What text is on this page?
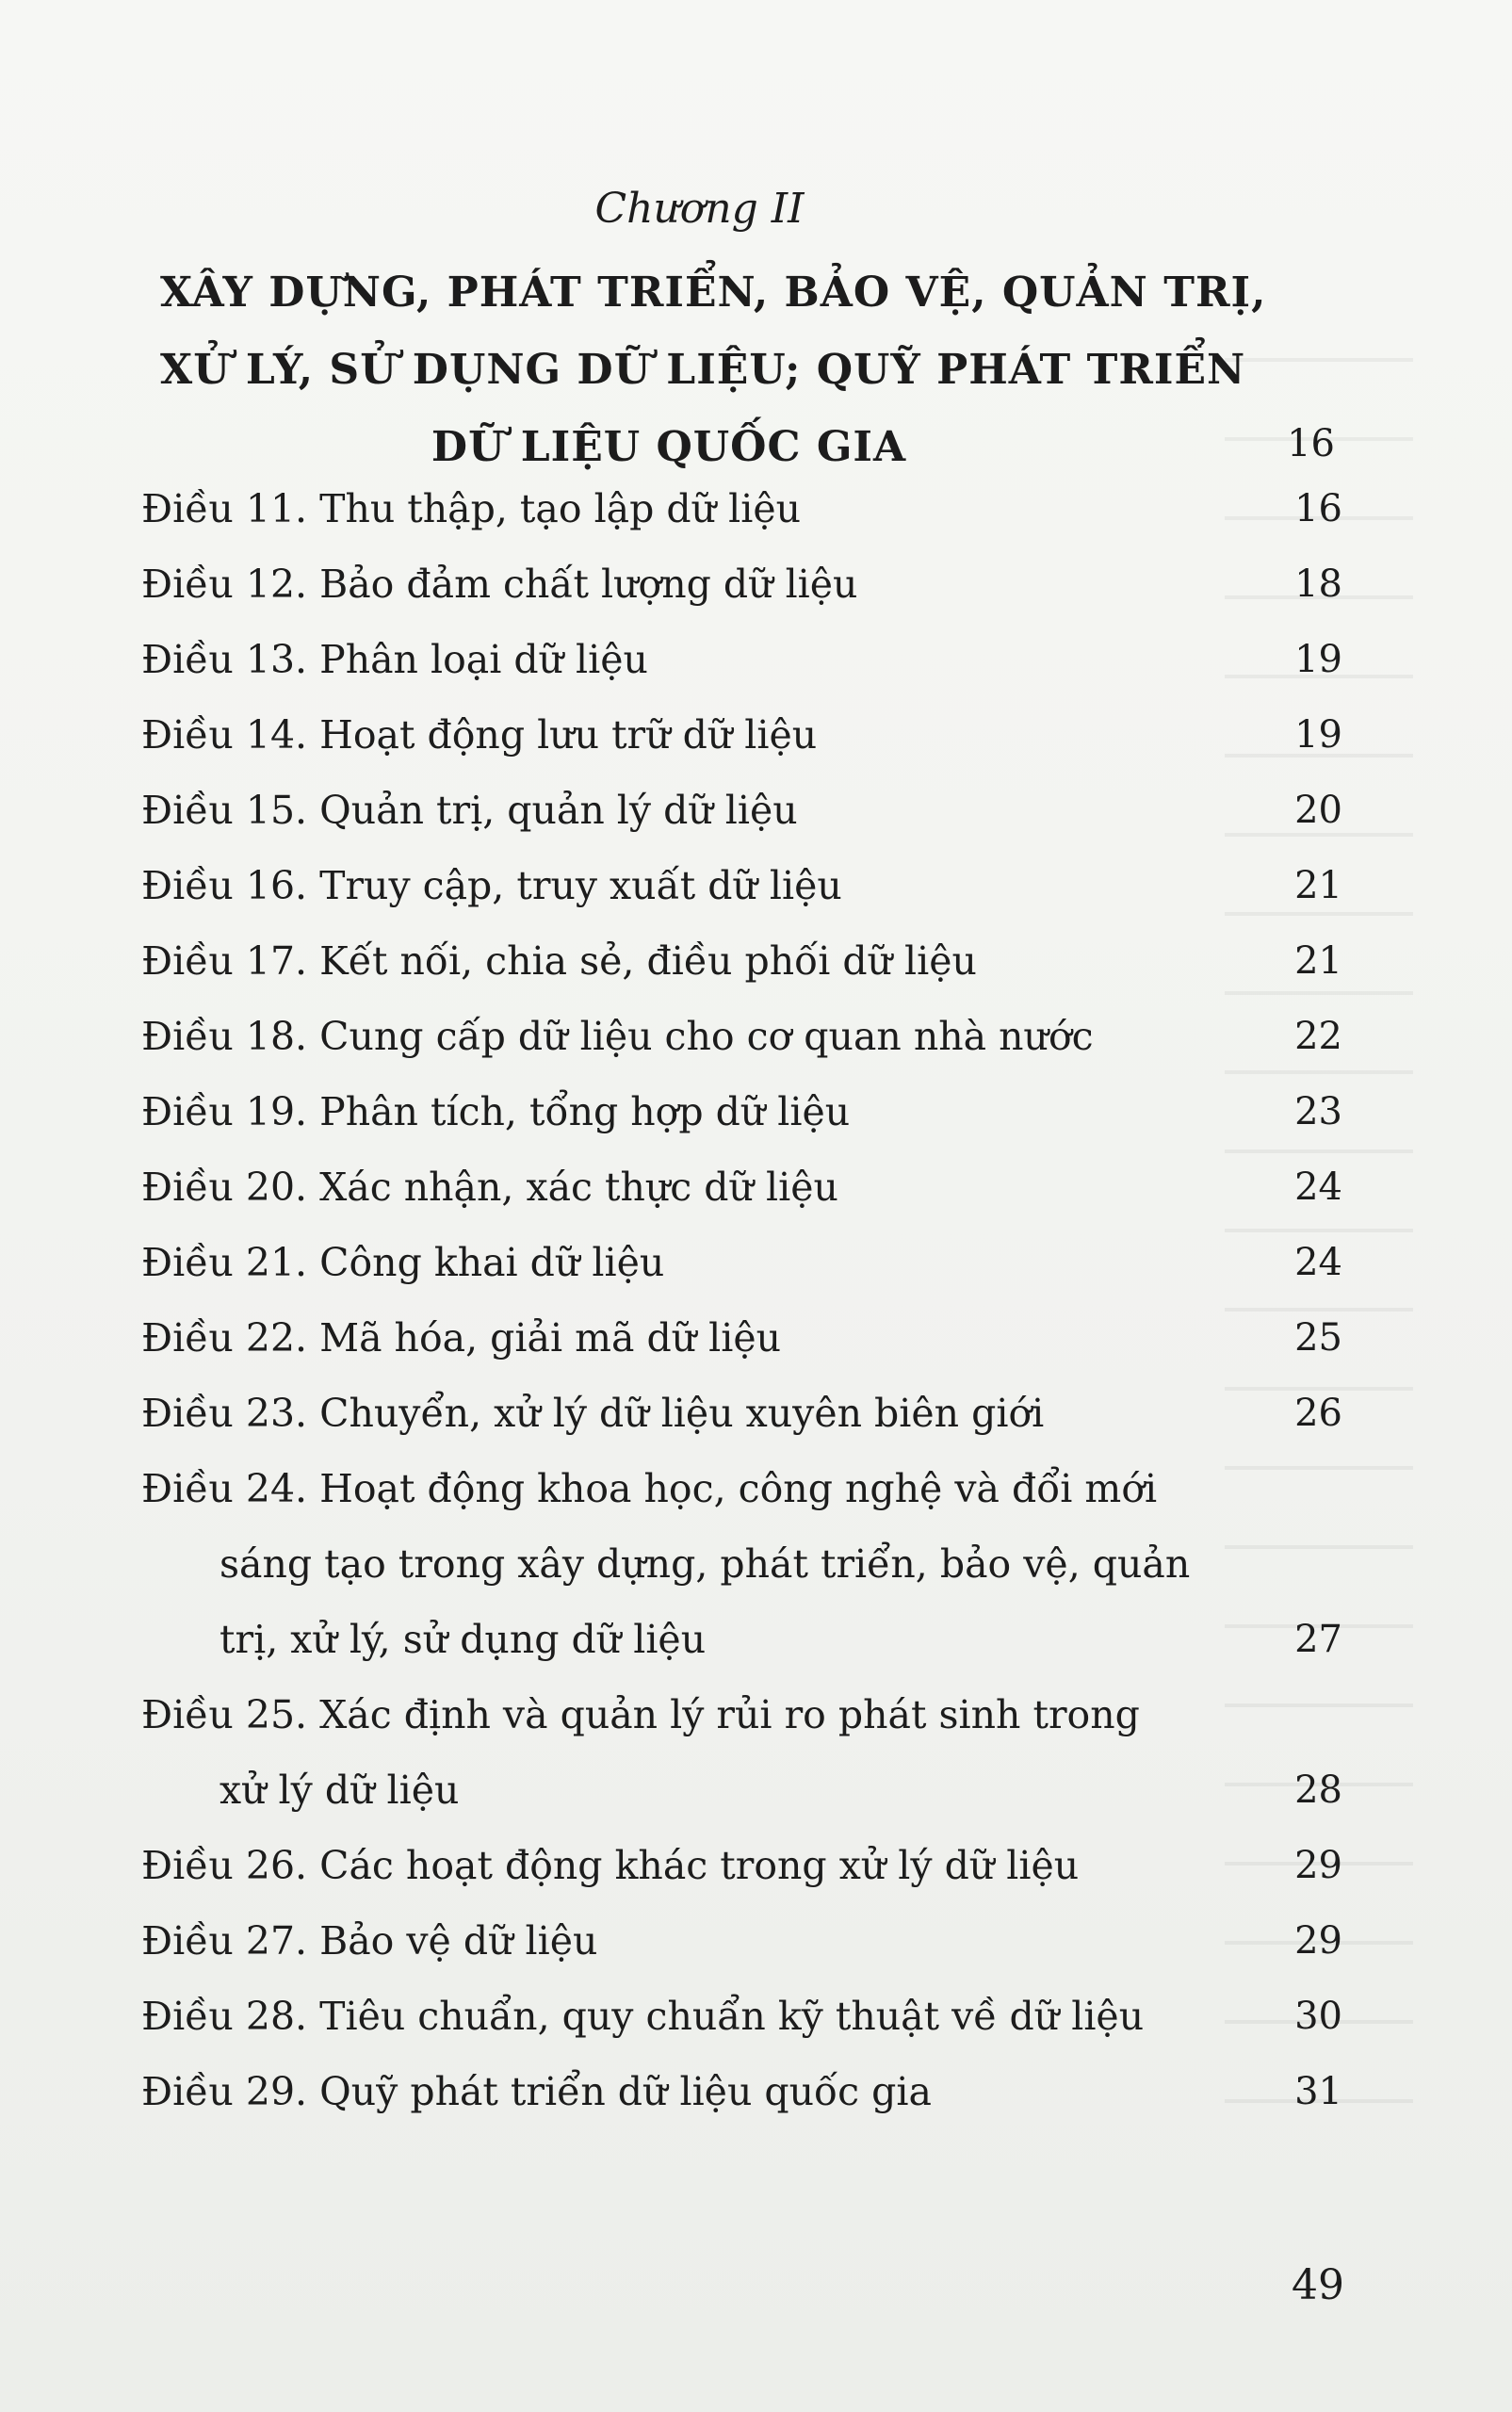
Chương II
XÂY DỰNG, PHÁT TRIỂN, BẢO VỆ, QUẢN TRỊ,
XỬ LÝ, SỬ DỤNG DỮ LIỆU; QUỸ PHÁT TRIỂN
DỮ LIỆU QUỐC GIA	16
Điều 11. Thu thập, tạo lập dữ liệu	16
Điều 12. Bảo đảm chất lượng dữ liệu	18
Điều 13. Phân loại dữ liệu	19
Điều 14. Hoạt động lưu trữ dữ liệu	19
Điều 15. Quản trị, quản lý dữ liệu	20
Điều 16. Truy cập, truy xuất dữ liệu	21
Điều 17. Kết nối, chia sẻ, điều phối dữ liệu	21
Điều 18. Cung cấp dữ liệu cho cơ quan nhà nước	22
Điều 19. Phân tích, tổng hợp dữ liệu	23
Điều 20. Xác nhận, xác thực dữ liệu	24
Điều 21. Công khai dữ liệu	24
Điều 22. Mã hóa, giải mã dữ liệu	25
Điều 23. Chuyển, xử lý dữ liệu xuyên biên giới	26
Điều 24. Hoạt động khoa học, công nghệ và đổi mới
sáng tạo trong xây dựng, phát triển, bảo vệ, quản
trị, xử lý, sử dụng dữ liệu	27
Điều 25. Xác định và quản lý rủi ro phát sinh trong
xử lý dữ liệu	28
Điều 26. Các hoạt động khác trong xử lý dữ liệu	29
Điều 27. Bảo vệ dữ liệu	29
Điều 28. Tiêu chuẩn, quy chuẩn kỹ thuật về dữ liệu	30
Điều 29. Quỹ phát triển dữ liệu quốc gia	31
49
